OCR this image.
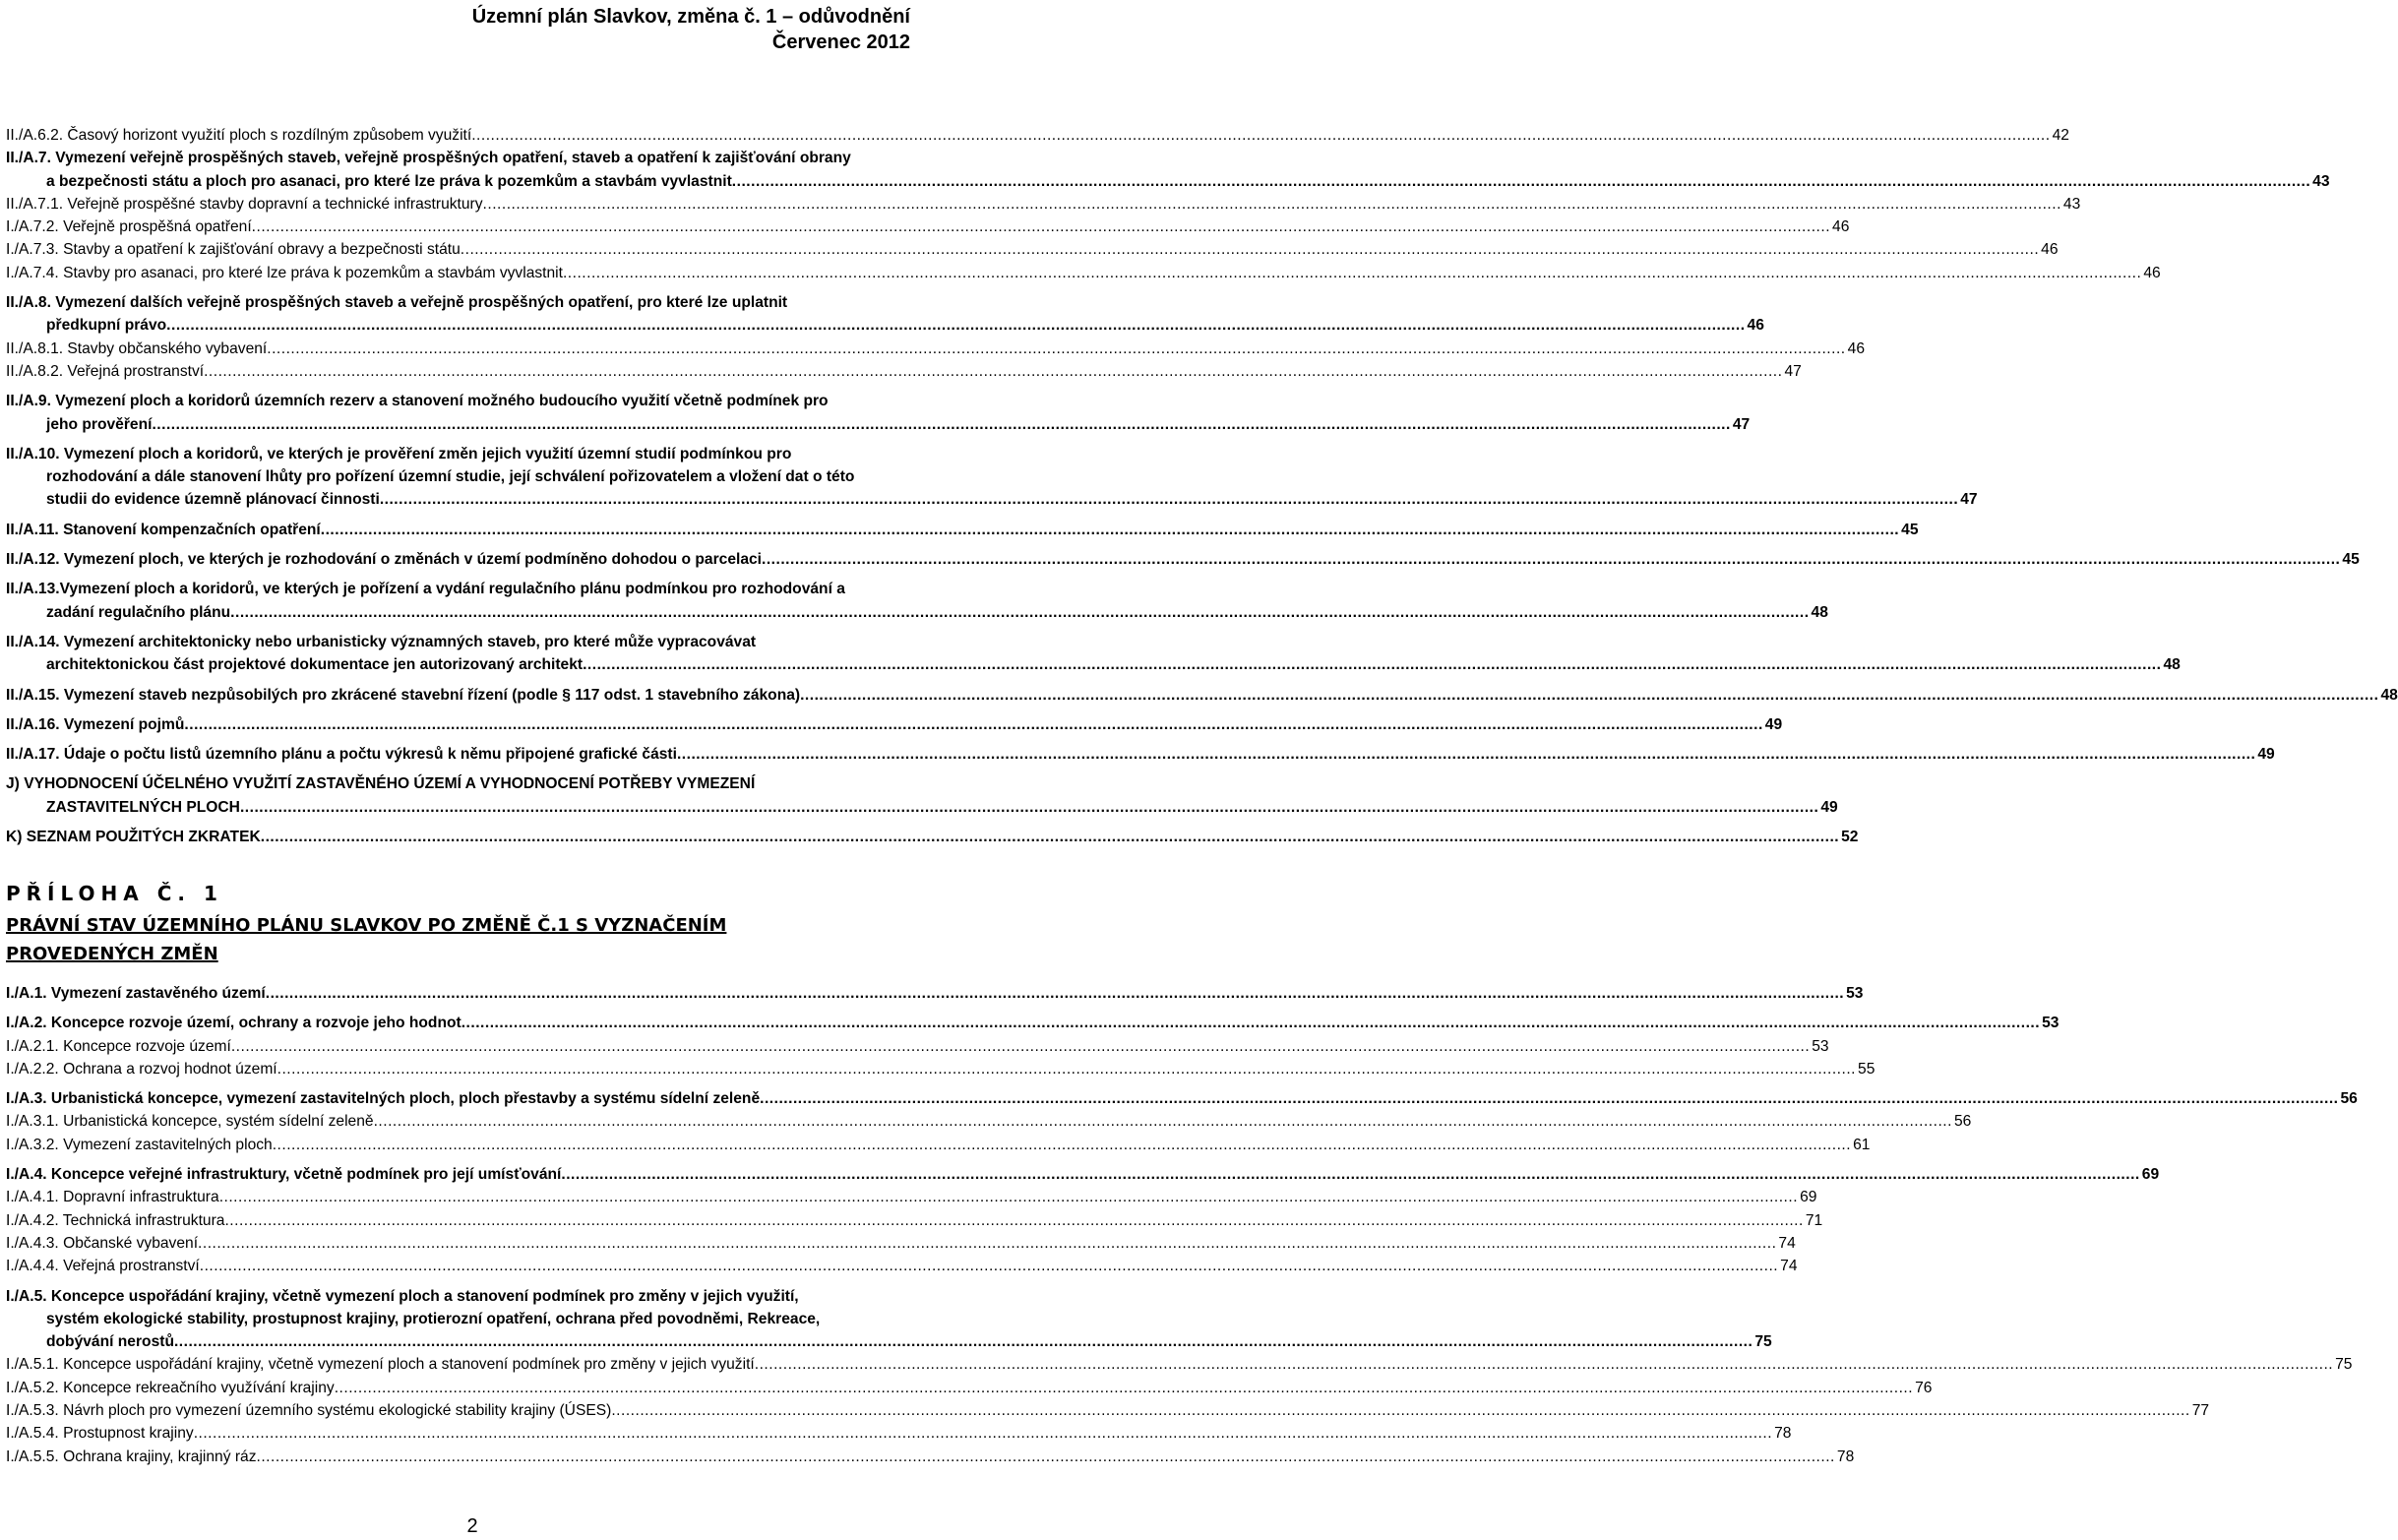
Územní plán Slavkov, změna č. 1 – odůvodnění
Červenec 2012
II./A.6.2. Časový horizont využití ploch s rozdílným způsobem využití .....	42
II./A.7. Vymezení veřejně prospěšných staveb, veřejně prospěšných opatření, staveb a opatření k zajišťování obrany
a bezpečnosti státu a ploch pro asanaci, pro které lze práva k pozemkům a stavbám vyvlastnit .....	43
II./A.7.1. Veřejně prospěšné stavby dopravní a technické infrastruktury .....	43
I./A.7.2. Veřejně prospěšná opatření .....	46
I./A.7.3. Stavby a opatření k zajišťování obravy a bezpečnosti státu .....	46
I./A.7.4. Stavby pro asanaci, pro které lze práva k pozemkům a stavbám vyvlastnit .....	46
II./A.8. Vymezení dalších veřejně prospěšných staveb a veřejně prospěšných opatření, pro které lze uplatnit
předkupní právo .....	46
II./A.8.1. Stavby občanského vybavení .....	46
II./A.8.2. Veřejná prostranství .....	47
II./A.9. Vymezení ploch a koridorů územních rezerv a stanovení možného budoucího využití včetně podmínek pro
jeho prověření .....	47
II./A.10. Vymezení ploch a koridorů, ve kterých je prověření změn jejich využití územní studií podmínkou pro
rozhodování a dále stanovení lhůty pro pořízení územní studie, její schválení pořizovatelem a vložení dat o této
studii do evidence územně plánovací činnosti .....	47
II./A.11. Stanovení kompenzačních opatření .....	45
II./A.12. Vymezení ploch, ve kterých je rozhodování o změnách v území podmíněno dohodou o parcelaci .....	45
II./A.13.Vymezení ploch a koridorů, ve kterých je pořízení a vydání regulačního plánu podmínkou pro rozhodování a
zadání regulačního plánu .....	48
II./A.14. Vymezení architektonicky nebo urbanisticky významných staveb, pro které může vypracovávat
architektonickou část projektové dokumentace jen autorizovaný architekt .....	48
II./A.15. Vymezení staveb nezpůsobilých pro zkrácené stavební řízení (podle § 117 odst. 1 stavebního zákona) .....	48
II./A.16. Vymezení pojmů .....	49
II./A.17. Údaje o počtu listů územního plánu a počtu výkresů k němu připojené grafické části .....	49
J) VYHODNOCENÍ ÚČELNÉHO VYUŽITÍ ZASTAVĚNÉHO ÚZEMÍ A VYHODNOCENÍ POTŘEBY VYMEZENÍ
ZASTAVITELNÝCH PLOCH .....	49
K) SEZNAM POUŽITÝCH ZKRATEK .....	52
PŘÍLOHA Č. 1
PRÁVNÍ STAV ÚZEMNÍHO PLÁNU SLAVKOV PO ZMĚNĚ Č.1 S VYZNAČENÍM PROVEDENÝCH ZMĚN
I./A.1. Vymezení zastavěného území .....	53
I./A.2. Koncepce rozvoje území, ochrany a rozvoje jeho hodnot .....	53
I./A.2.1. Koncepce rozvoje území .....	53
I./A.2.2. Ochrana a rozvoj hodnot území .....	55
I./A.3. Urbanistická koncepce, vymezení zastavitelných ploch, ploch přestavby a systému sídelní zeleně .....	56
I./A.3.1. Urbanistická koncepce, systém sídelní zeleně .....	56
I./A.3.2. Vymezení zastavitelných ploch .....	61
I./A.4. Koncepce veřejné infrastruktury, včetně podmínek pro její umísťování .....	69
I./A.4.1. Dopravní infrastruktura .....	69
I./A.4.2. Technická infrastruktura .....	71
I./A.4.3. Občanské vybavení .....	74
I./A.4.4. Veřejná prostranství .....	74
I./A.5. Koncepce uspořádání krajiny, včetně vymezení ploch a stanovení podmínek pro změny v jejich využití,
systém ekologické stability, prostupnost krajiny, protierozní opatření, ochrana před povodněmi, Rekreace,
dobývání nerostů .....	75
I./A.5.1. Koncepce uspořádání krajiny, včetně vymezení ploch a stanovení podmínek pro změny v jejich využití .....	75
I./A.5.2. Koncepce rekreačního využívání krajiny .....	76
I./A.5.3. Návrh ploch pro vymezení územního systému ekologické stability krajiny (ÚSES) .....	77
I./A.5.4. Prostupnost krajiny .....	78
I./A.5.5. Ochrana krajiny, krajinný ráz .....	78
2
